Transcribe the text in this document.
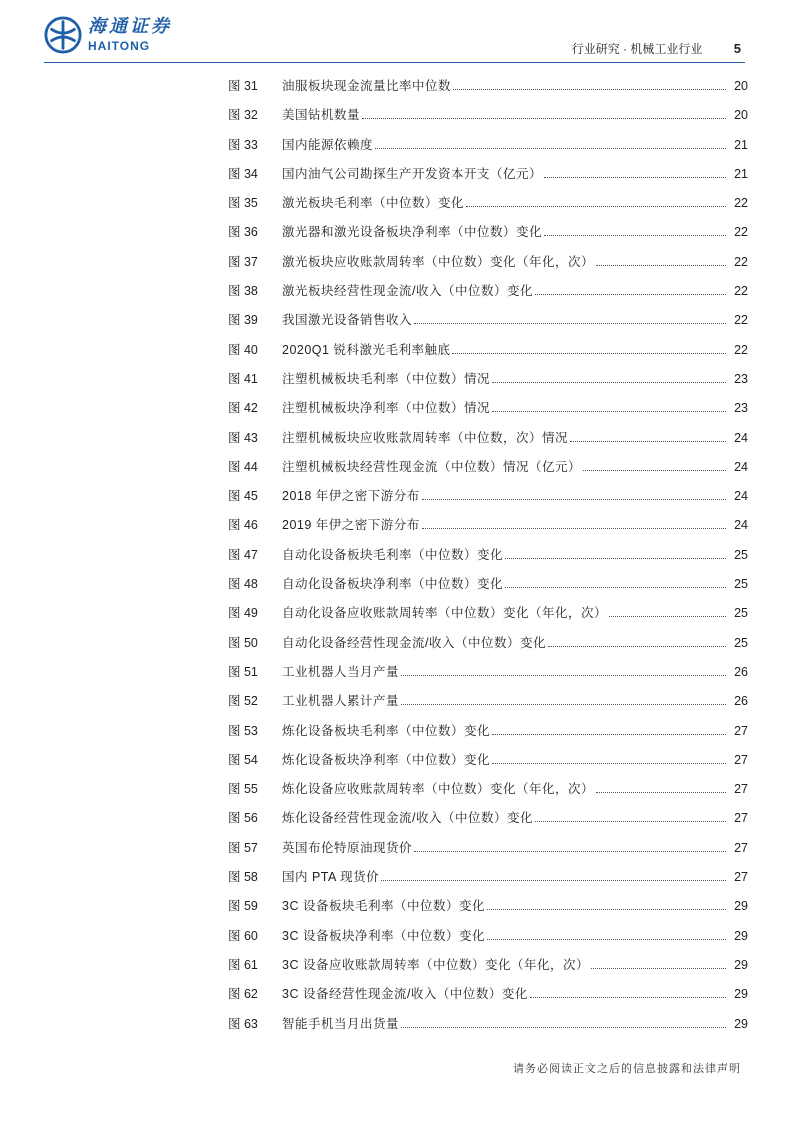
海通证券
HAITONG	行业研究 · 机械工业行业 5
图 31	油服板块现金流量比率中位数	20
图 32	美国钻机数量	20
图 33	国内能源依赖度	21
图 34	国内油气公司勘探生产开发资本开支（亿元）	21
图 35	激光板块毛利率（中位数）变化	22
图 36	激光器和激光设备板块净利率（中位数）变化	22
图 37	激光板块应收账款周转率（中位数）变化（年化，次）	22
图 38	激光板块经营性现金流/收入（中位数）变化	22
图 39	我国激光设备销售收入	22
图 40	2020Q1 锐科激光毛利率触底	22
图 41	注塑机械板块毛利率（中位数）情况	23
图 42	注塑机械板块净利率（中位数）情况	23
图 43	注塑机械板块应收账款周转率（中位数，次）情况	24
图 44	注塑机械板块经营性现金流（中位数）情况（亿元）	24
图 45	2018 年伊之密下游分布	24
图 46	2019 年伊之密下游分布	24
图 47	自动化设备板块毛利率（中位数）变化	25
图 48	自动化设备板块净利率（中位数）变化	25
图 49	自动化设备应收账款周转率（中位数）变化（年化，次）	25
图 50	自动化设备经营性现金流/收入（中位数）变化	25
图 51	工业机器人当月产量	26
图 52	工业机器人累计产量	26
图 53	炼化设备板块毛利率（中位数）变化	27
图 54	炼化设备板块净利率（中位数）变化	27
图 55	炼化设备应收账款周转率（中位数）变化（年化，次）	27
图 56	炼化设备经营性现金流/收入（中位数）变化	27
图 57	英国布伦特原油现货价	27
图 58	国内 PTA 现货价	27
图 59	3C 设备板块毛利率（中位数）变化	29
图 60	3C 设备板块净利率（中位数）变化	29
图 61	3C 设备应收账款周转率（中位数）变化（年化，次）	29
图 62	3C 设备经营性现金流/收入（中位数）变化	29
图 63	智能手机当月出货量	29
请务必阅读正文之后的信息披露和法律声明
